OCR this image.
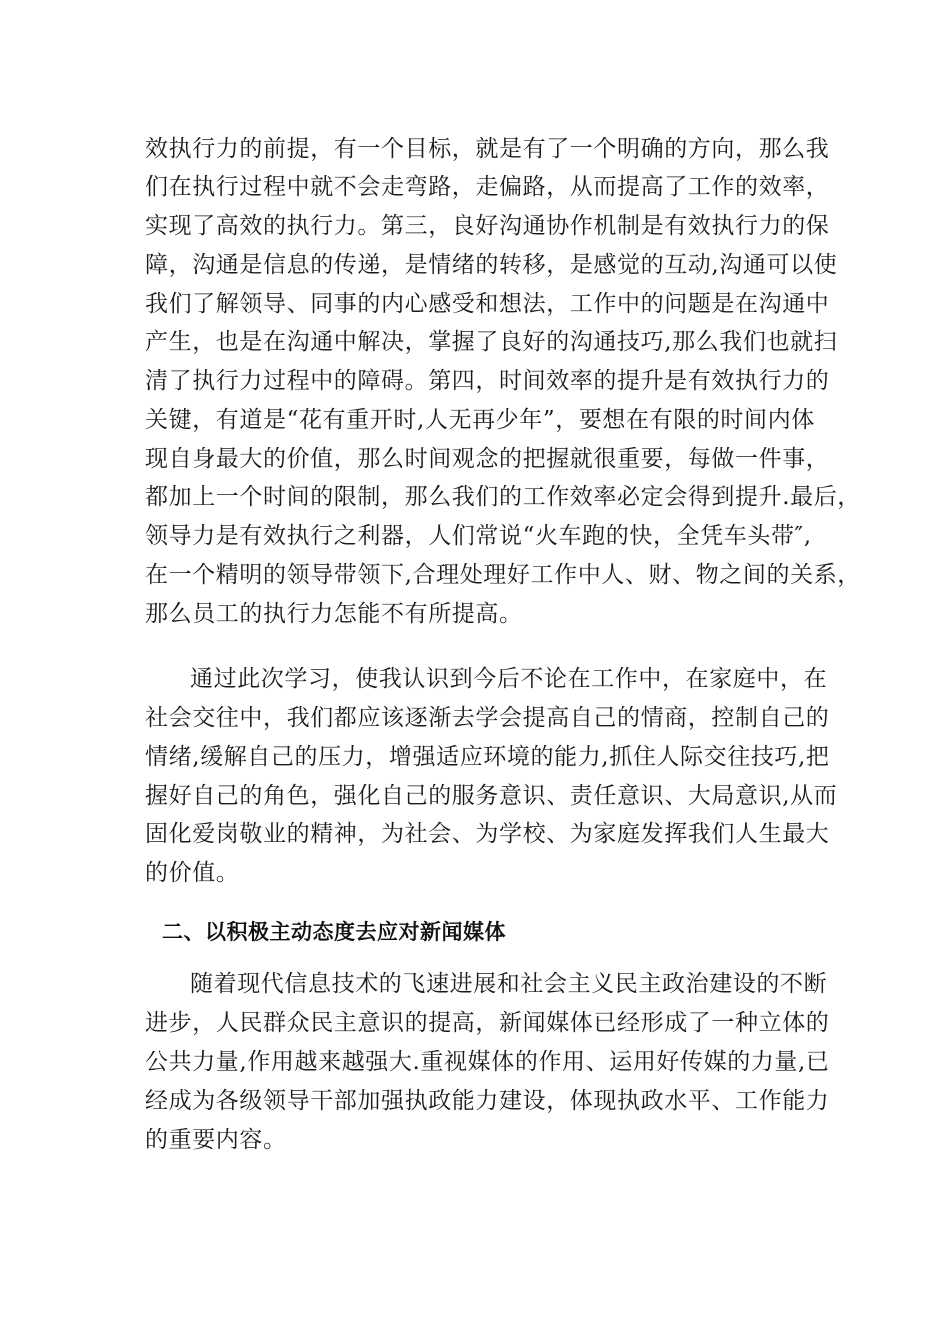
效执行力的前提，有一个目标，就是有了一个明确的方向，那么我
们在执行过程中就不会走弯路，走偏路，从而提高了工作的效率，
实现了高效的执行力。第三，良好沟通协作机制是有效执行力的保
障，沟通是信息的传递，是情绪的转移，是感觉的互动,沟通可以使
我们了解领导、同事的内心感受和想法，工作中的问题是在沟通中
产生，也是在沟通中解决，掌握了良好的沟通技巧,那么我们也就扫
清了执行力过程中的障碍。第四，时间效率的提升是有效执行力的
关键，有道是“花有重开时,人无再少年”，要想在有限的时间内体
现自身最大的价值，那么时间观念的把握就很重要，每做一件事，
都加上一个时间的限制，那么我们的工作效率必定会得到提升.最后，
领导力是有效执行之利器，人们常说“火车跑的快，全凭车头带″,
在一个精明的领导带领下,合理处理好工作中人、财、物之间的关系，
那么员工的执行力怎能不有所提高。
通过此次学习，使我认识到今后不论在工作中，在家庭中，在
社会交往中，我们都应该逐渐去学会提高自己的情商，控制自己的
情绪,缓解自己的压力，增强适应环境的能力,抓住人际交往技巧,把
握好自己的角色，强化自己的服务意识、责任意识、大局意识,从而
固化爱岗敬业的精神，为社会、为学校、为家庭发挥我们人生最大
的价值。
二、以积极主动态度去应对新闻媒体
随着现代信息技术的飞速进展和社会主义民主政治建设的不断
进步，人民群众民主意识的提高，新闻媒体已经形成了一种立体的
公共力量,作用越来越强大.重视媒体的作用、运用好传媒的力量,已
经成为各级领导干部加强执政能力建设，体现执政水平、工作能力
的重要内容。
